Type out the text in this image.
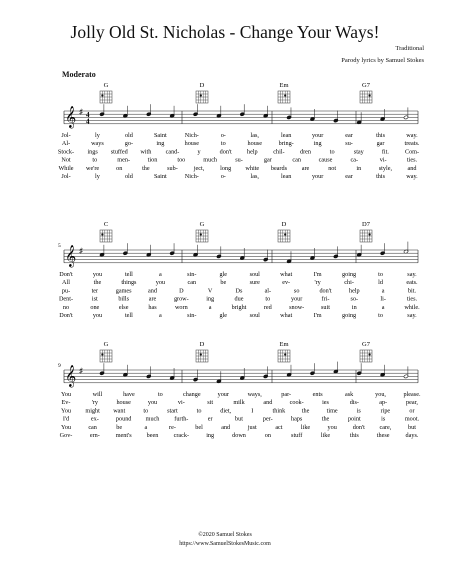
Jolly Old St. Nicholas - Change Your Ways!
Traditional
Parody lyrics by Samuel Stokes
Moderato
G	D	Em	G7
𝄞 ♯ 4
4
Jol-	ly	old	Saint	Nich-	o-	las,	lean	your	ear	this	way.
Al-	ways	go-	ing	house	to	house	bring-	ing	su-	gar	treats.
Stock- ings stuffed with cand-	y	don't help	chil- dren	to	stay	fit.	Com-
Not	to	men-	tion	too	much	su-	gar	can	cause	ca-	vi-	ties.
While we're	on	the	sub-	ject,	long white beards are	not	in	style,	and
Jol-	ly	old	Saint	Nich-	o-	las,	lean	your	ear	this	way.
C	G	D	D7
𝄞 ♯
5
Don't	you	tell	a	sin-	gle	soul	what	I'm	going	to	say.
All	the	things	you	can	be	sure	ev-	'ry	chi-	ld	eats.
pu-	ter	games	and	D	V	Ds	al-	so	don't	help	a	bit.
Dent-	ist	bills	are	grow-	ing	due	to	your	fri-	so-	li-	ties.
no	one	else	has	worn	a	bright	red	snow-	suit	in	a	while.
Don't	you	tell	a	sin-	gle	soul	what	I'm	going	to	say.
G	D	Em	G7
𝄞 ♯
9
You	will	have	to	change	your	ways,	par-	ents	ask	you,	please.
Ev-	'ry	house	you	vi-	sit	milk	and	cook-	ies	dis-	ap-	pear,
You might want	to	start	to	diet,	I	think	the	time	is	ripe	or
I'd	ex-	pound much furth-	er	but	per-	haps	the	point	is	moot.
You	can	be	a	re-	bel	and	just	act	like	you	don't care,	but
Gov-	ern-	ment's been crack-	ing	down	on	stuff	like	this	these	days.
©2020 Samuel Stokes
https://www.SamuelStokesMusic.com
